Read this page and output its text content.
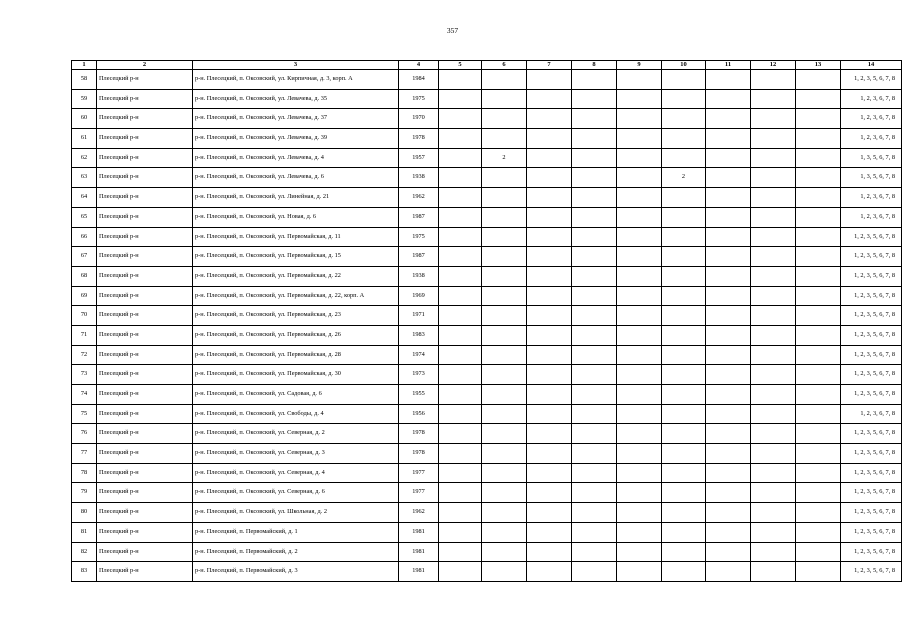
357
1	2	3	4	5	6	7	8	9	10	11	12	13	14
58	Плесецкий р-н	р-н. Плесецкий, п. Оксовский, ул. Кирпичная, д. 3, корп. А	1984										1, 2, 3, 5, 6, 7, 8
59	Плесецкий р-н	р-н. Плесецкий, п. Оксовский, ул. Левачева, д. 35	1975										1, 2, 3, 6, 7, 8
60	Плесецкий р-н	р-н. Плесецкий, п. Оксовский, ул. Левачева, д. 37	1970										1, 2, 3, 6, 7, 8
61	Плесецкий р-н	р-н. Плесецкий, п. Оксовский, ул. Левачева, д. 39	1978										1, 2, 3, 6, 7, 8
62	Плесецкий р-н	р-н. Плесецкий, п. Оксовский, ул. Левачева, д. 4	1957		2								1, 3, 5, 6, 7, 8
63	Плесецкий р-н	р-н. Плесецкий, п. Оксовский, ул. Левачева, д. 6	1938						2				1, 3, 5, 6, 7, 8
64	Плесецкий р-н	р-н. Плесецкий, п. Оксовский, ул. Линейная, д. 21	1962										1, 2, 3, 6, 7, 8
65	Плесецкий р-н	р-н. Плесецкий, п. Оксовский, ул. Новая, д. 6	1987										1, 2, 3, 6, 7, 8
66	Плесецкий р-н	р-н. Плесецкий, п. Оксовский, ул. Первомайская, д. 11	1975										1, 2, 3, 5, 6, 7, 8
67	Плесецкий р-н	р-н. Плесецкий, п. Оксовский, ул. Первомайская, д. 15	1987										1, 2, 3, 5, 6, 7, 8
68	Плесецкий р-н	р-н. Плесецкий, п. Оксовский, ул. Первомайская, д. 22	1938										1, 2, 3, 5, 6, 7, 8
69	Плесецкий р-н	р-н. Плесецкий, п. Оксовский, ул. Первомайская, д. 22, корп. А	1969										1, 2, 3, 5, 6, 7, 8
70	Плесецкий р-н	р-н. Плесецкий, п. Оксовский, ул. Первомайская, д. 23	1971										1, 2, 3, 5, 6, 7, 8
71	Плесецкий р-н	р-н. Плесецкий, п. Оксовский, ул. Первомайская, д. 26	1983										1, 2, 3, 5, 6, 7, 8
72	Плесецкий р-н	р-н. Плесецкий, п. Оксовский, ул. Первомайская, д. 28	1974										1, 2, 3, 5, 6, 7, 8
73	Плесецкий р-н	р-н. Плесецкий, п. Оксовский, ул. Первомайская, д. 30	1973										1, 2, 3, 5, 6, 7, 8
74	Плесецкий р-н	р-н. Плесецкий, п. Оксовский, ул. Садовая, д. 6	1955										1, 2, 3, 5, 6, 7, 8
75	Плесецкий р-н	р-н. Плесецкий, п. Оксовский, ул. Свободы, д. 4	1956										1, 2, 3, 6, 7, 8
76	Плесецкий р-н	р-н. Плесецкий, п. Оксовский, ул. Северная, д. 2	1978										1, 2, 3, 5, 6, 7, 8
77	Плесецкий р-н	р-н. Плесецкий, п. Оксовский, ул. Северная, д. 3	1978										1, 2, 3, 5, 6, 7, 8
78	Плесецкий р-н	р-н. Плесецкий, п. Оксовский, ул. Северная, д. 4	1977										1, 2, 3, 5, 6, 7, 8
79	Плесецкий р-н	р-н. Плесецкий, п. Оксовский, ул. Северная, д. 6	1977										1, 2, 3, 5, 6, 7, 8
80	Плесецкий р-н	р-н. Плесецкий, п. Оксовский, ул. Школьная, д. 2	1962										1, 2, 3, 5, 6, 7, 8
81	Плесецкий р-н	р-н. Плесецкий, п. Первомайский, д. 1	1981										1, 2, 3, 5, 6, 7, 8
82	Плесецкий р-н	р-н. Плесецкий, п. Первомайский, д. 2	1981										1, 2, 3, 5, 6, 7, 8
83	Плесецкий р-н	р-н. Плесецкий, п. Первомайский, д. 3	1981										1, 2, 3, 5, 6, 7, 8
